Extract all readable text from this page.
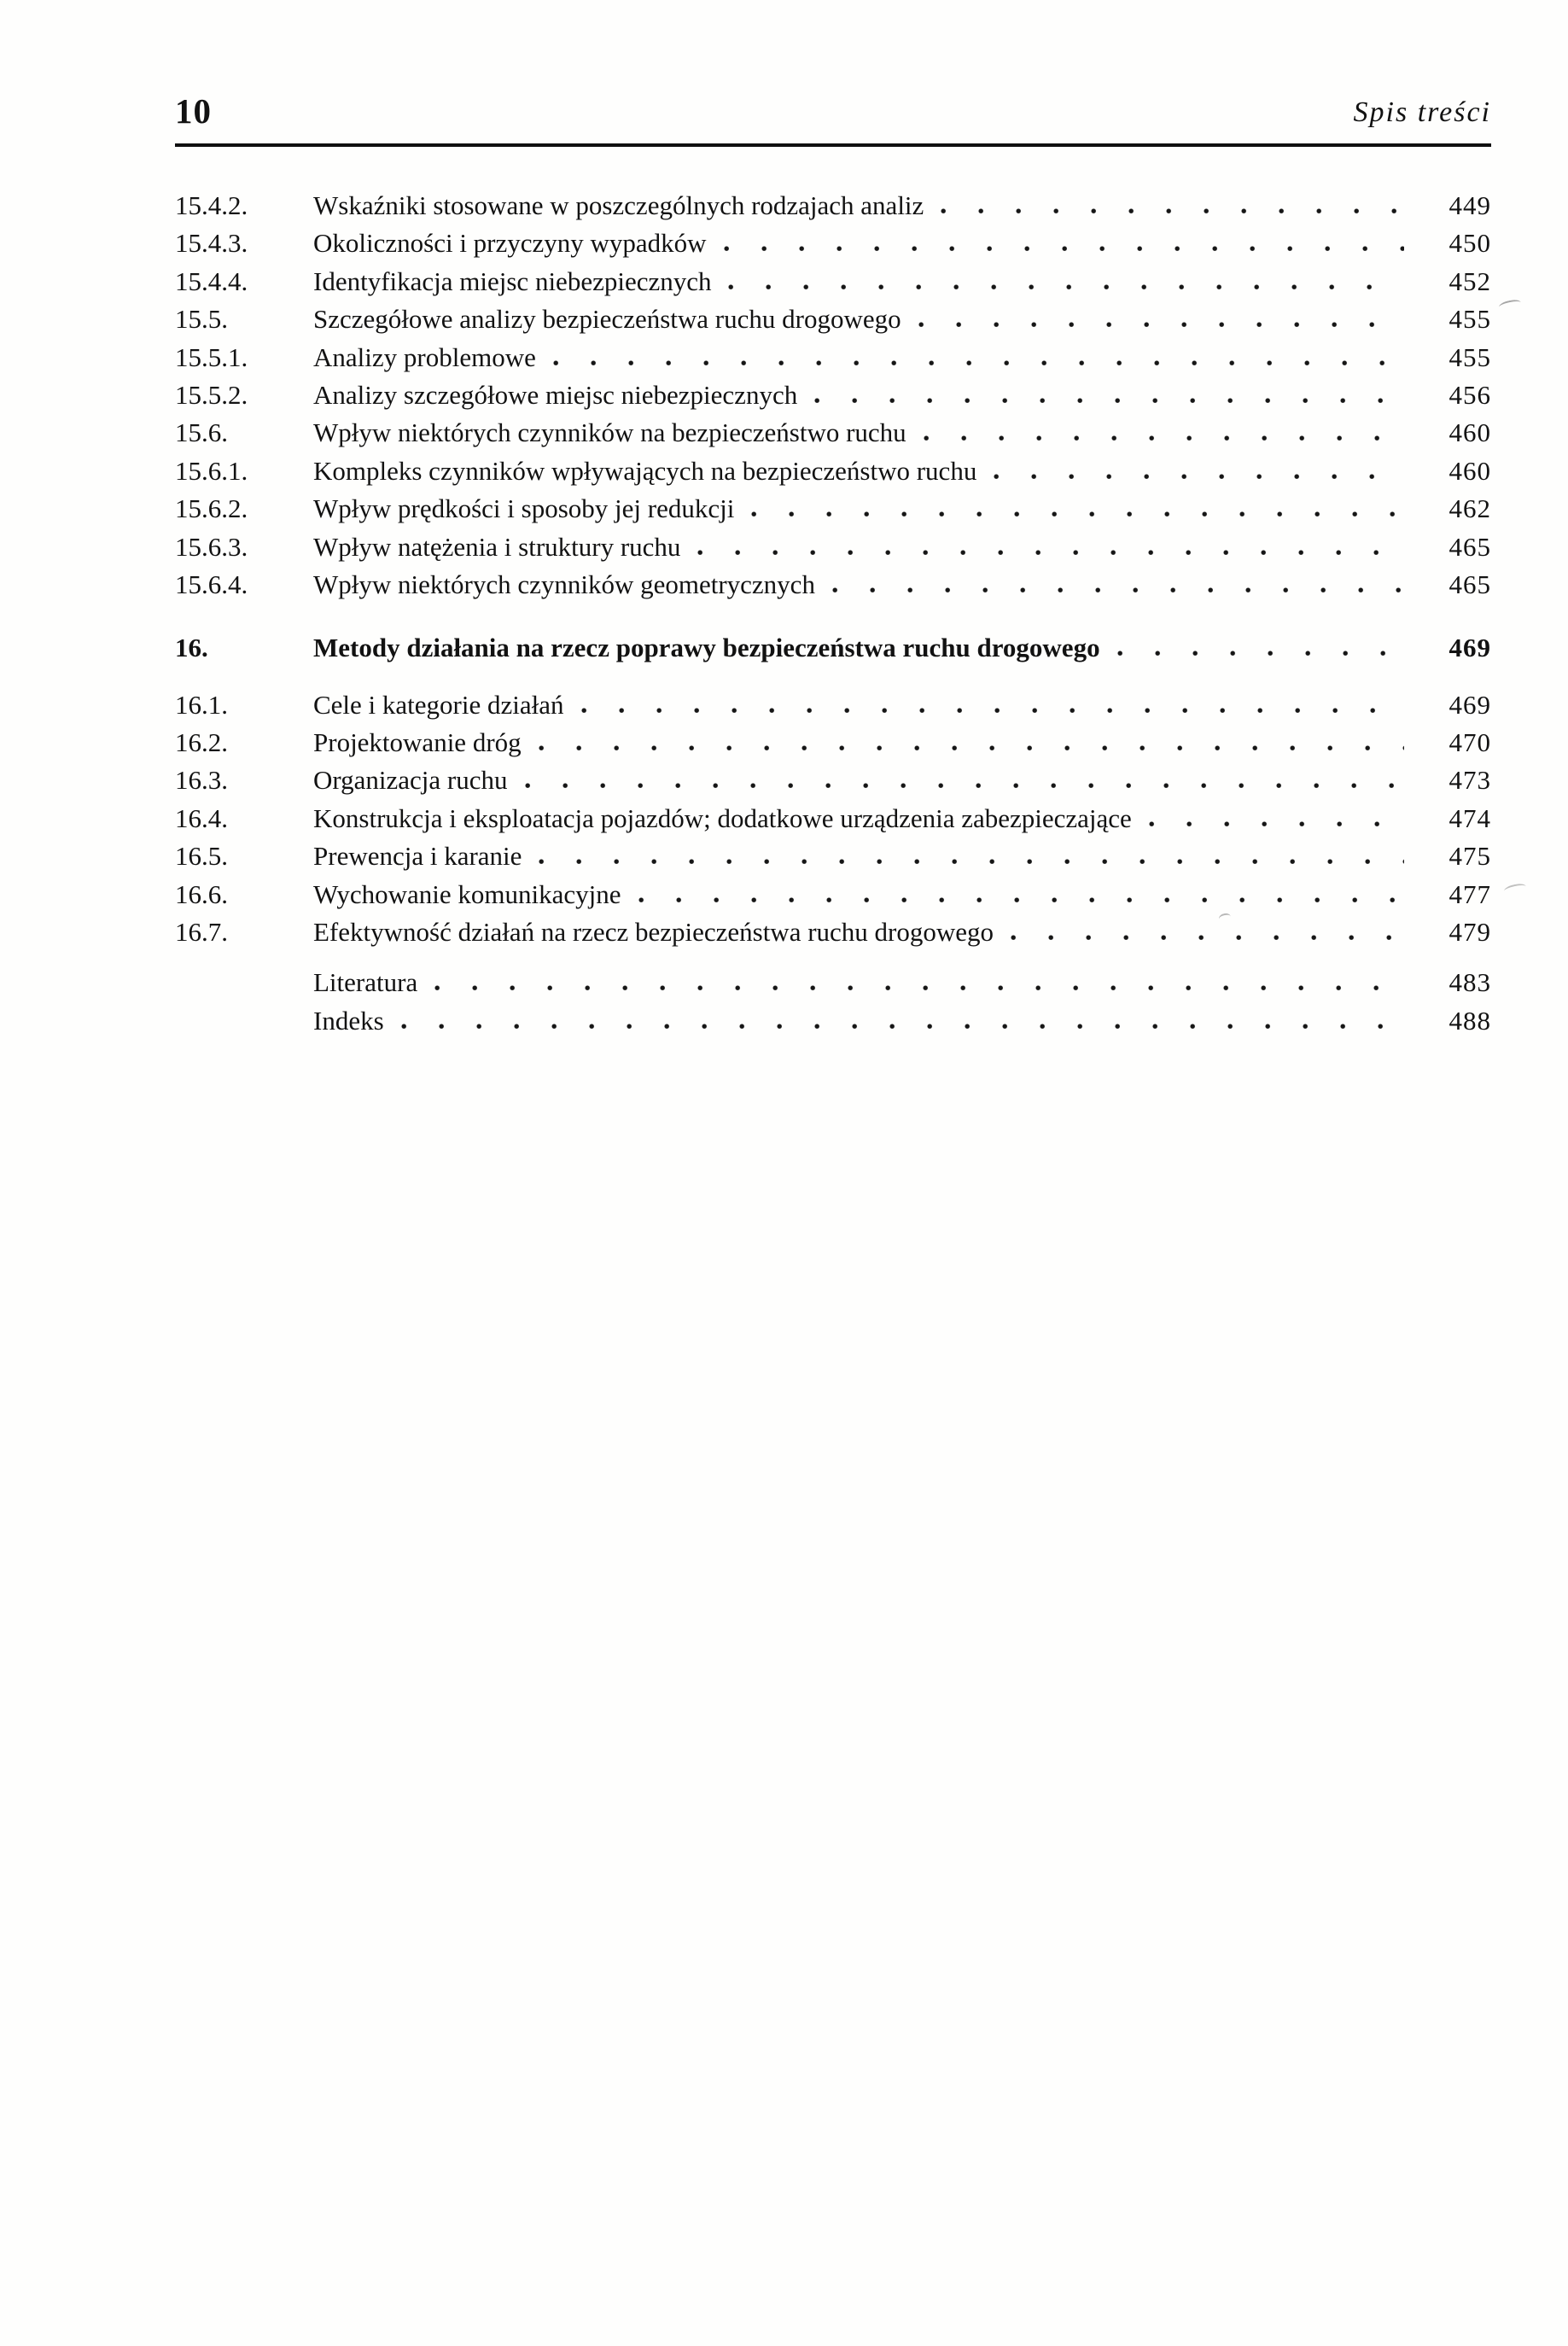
10	Spis treści
15.4.2.	Wskaźniki stosowane w poszczególnych rodzajach analiz	449
15.4.3.	Okoliczności i przyczyny wypadków	450
15.4.4.	Identyfikacja miejsc niebezpiecznych	452
15.5.	Szczegółowe analizy bezpieczeństwa ruchu drogowego	455
15.5.1.	Analizy problemowe	455
15.5.2.	Analizy szczegółowe miejsc niebezpiecznych	456
15.6.	Wpływ niektórych czynników na bezpieczeństwo ruchu	460
15.6.1.	Kompleks czynników wpływających na bezpieczeństwo ruchu	460
15.6.2.	Wpływ prędkości i sposoby jej redukcji	462
15.6.3.	Wpływ natężenia i struktury ruchu	465
15.6.4.	Wpływ niektórych czynników geometrycznych	465
16.	Metody działania na rzecz poprawy bezpieczeństwa ruchu drogowego	469
16.1.	Cele i kategorie działań	469
16.2.	Projektowanie dróg	470
16.3.	Organizacja ruchu	473
16.4.	Konstrukcja i eksploatacja pojazdów; dodatkowe urządzenia zabezpieczające	474
16.5.	Prewencja i karanie	475
16.6.	Wychowanie komunikacyjne	477
16.7.	Efektywność działań na rzecz bezpieczeństwa ruchu drogowego	479
Literatura	483
Indeks	488
